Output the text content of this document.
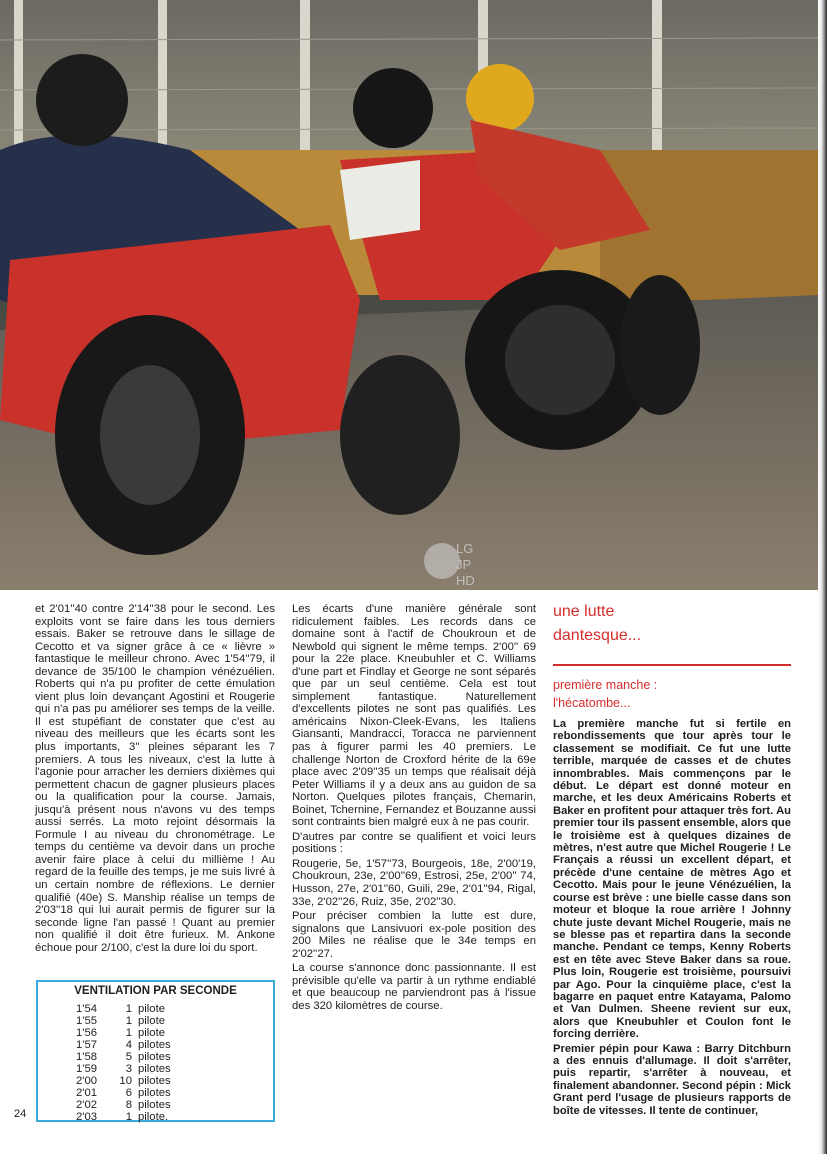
LG
JP
HD

et 2'01''40 contre 2'14''38 pour le second. Les exploits vont se faire dans les tous derniers essais. Baker se retrouve dans le sillage de Cecotto et va signer grâce à ce « lièvre » fantastique le meilleur chrono. Avec 1'54''79, il devance de 35/100 le champion vénézuélien. Roberts qui n'a pu profiter de cette émulation vient plus loin devançant Agostini et Rougerie qui n'a pas pu améliorer ses temps de la veille. Il est stupéfiant de constater que c'est au niveau des meilleurs que les écarts sont les plus importants, 3'' pleines séparant les 7 premiers. A tous les niveaux, c'est la lutte à l'agonie pour arracher les derniers dixièmes qui permettent chacun de gagner plusieurs places ou la qualification pour la course. Jamais, jusqu'à présent nous n'avons vu des temps aussi serrés. La moto rejoint désormais la Formule I au niveau du chronométrage. Le temps du centième va devoir dans un proche avenir faire place à celui du millième ! Au regard de la feuille des temps, je me suis livré à un certain nombre de réflexions. Le dernier qualifié (40e) S. Manship réalise un temps de 2'03''18 qui lui aurait permis de figurer sur la seconde ligne l'an passé ! Quant au premier non qualifié il doit être furieux. M. Ankone échoue pour 2/100, c'est la dure loi du sport.

VENTILATION PAR SECONDE
1'54	1	pilote
1'55	1	pilote
1'56	1	pilote
1'57	4	pilotes
1'58	5	pilotes
1'59	3	pilotes
2'00	10	pilotes
2'01	6	pilotes
2'02	8	pilotes
2'03	1	pilote.

Les écarts d'une manière générale sont ridiculement faibles. Les records dans ce domaine sont à l'actif de Choukroun et de Newbold qui signent le même temps. 2'00'' 69 pour la 22e place. Kneubuhler et C. Williams d'une part et Findlay et George ne sont séparés que par un seul centième. Cela est tout simplement fantastique. Naturellement d'excellents pilotes ne sont pas qualifiés. Les américains Nixon-Cleek-Evans, les Italiens Giansanti, Mandracci, Toracca ne parviennent pas à figurer parmi les 40 premiers. Le challenge Norton de Croxford hérite de la 69e place avec 2'09''35 un temps que réalisait déjà Peter Williams il y a deux ans au guidon de sa Norton. Quelques pilotes français, Chemarin, Boinet, Tchernine, Fernandez et Bouzanne aussi sont contraints bien malgré eux à ne pas courir.

D'autres par contre se qualifient et voici leurs positions :

Rougerie, 5e, 1'57''73, Bourgeois, 18e, 2'00'19, Choukroun, 23e, 2'00''69, Estrosi, 25e, 2'00'' 74, Husson, 27e, 2'01''60, Guili, 29e, 2'01''94, Rigal, 33e, 2'02''26, Ruiz, 35e, 2'02''30.

Pour préciser combien la lutte est dure, signalons que Lansivuori ex-pole position des 200 Miles ne réalise que le 34e temps en 2'02''27.

La course s'annonce donc passionnante. Il est prévisible qu'elle va partir à un rythme endiablé et que beaucoup ne parviendront pas à l'issue des 320 kilomètres de course.

une lutte
dantesque...
première manche :
l'hécatombe...

La première manche fut si fertile en rebondissements que tour après tour le classement se modifiait. Ce fut une lutte terrible, marquée de casses et de chutes innombrables. Mais commençons par le début. Le départ est donné moteur en marche, et les deux Américains Roberts et Baker en profitent pour attaquer très fort. Au premier tour ils passent ensemble, alors que le troisième est à quelques dizaines de mètres, n'est autre que Michel Rougerie ! Le Français a réussi un excellent départ, et précède d'une centaine de mètres Ago et Cecotto. Mais pour le jeune Vénézuélien, la course est brève : une bielle casse dans son moteur et bloque la roue arrière ! Johnny chute juste devant Michel Rougerie, mais ne se blesse pas et repartira dans la seconde manche. Pendant ce temps, Kenny Roberts est en tête avec Steve Baker dans sa roue. Plus loin, Rougerie est troisième, poursuivi par Ago. Pour la cinquième place, c'est la bagarre en paquet entre Katayama, Palomo et Van Dulmen. Sheene revient sur eux, alors que Kneubuhler et Coulon font le forcing derrière.

Premier pépin pour Kawa : Barry Ditchburn a des ennuis d'allumage. Il doit s'arrêter, puis repartir, s'arrêter à nouveau, et finalement abandonner. Second pépin : Mick Grant perd l'usage de plusieurs rapports de boîte de vitesses. Il tente de continuer,

24
